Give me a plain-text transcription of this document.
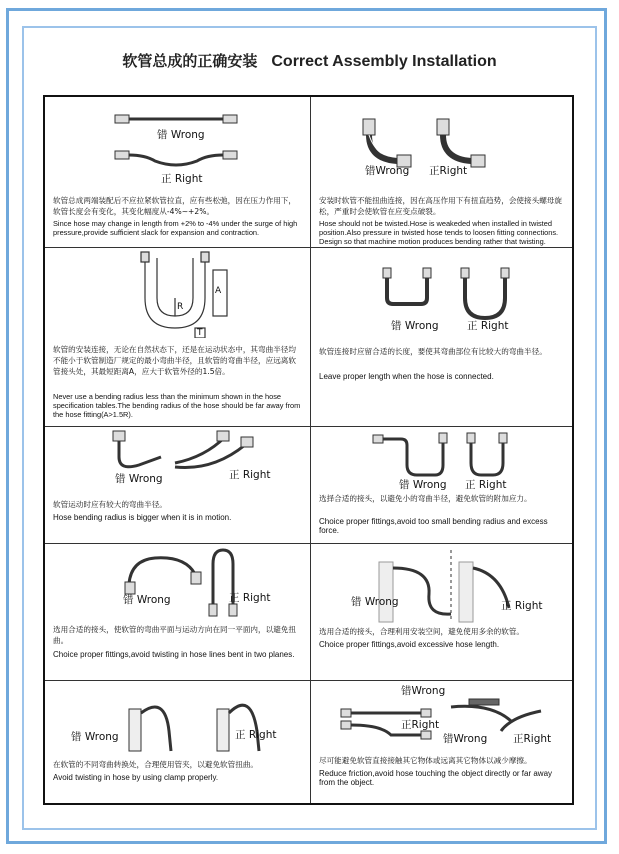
软管总成的正确安装 Correct Assembly Installation
错 Wrong
正 Right
软管总成两端装配后不应拉紧软管拉直，应有些松弛，因在压力作用下，软管长度会有变化，其变化幅度从-4%~+2%。
Since hose may change in length from +2% to -4% under the surge of high pressure,provide sufficient slack for expansion and contraction.
错Wrong 正Right
安装时软管不能扭曲连接，因在高压作用下有扭直趋势，会使接头螺母旋松，严重时会使软管在应变点破裂。
Hose should not be twisted.Hose is weakeded when installed in twisted position.Also pressure in twisted hose tends to loosen fitting connections. Design so that machine motion produces bending rather that twisting.
A
R
T
软管的安装连接，无论在自然状态下，还是在运动状态中，其弯曲半径均不能小于软管制造厂规定的最小弯曲半径，且软管的弯曲半径，应远离软管接头处，其最短距离A，应大于软管外径的1.5倍。
Never use a bending radius less than the minimum shown in the hose specification tables.The bending radius of the hose should be far away from the hose fitting(A>1.5R).
错 Wrong	正 Right
软管连接时应留合适的长度，要使其弯曲部位有比较大的弯曲半径。
Leave proper length when the hose is connected.
错 Wrong	正 Right
软管运动时应有较大的弯曲半径。
Hose bending radius is bigger when it is in motion.
错 Wrong 正 Right
选择合适的接头，以避免小的弯曲半径，避免软管的附加应力。
Choice proper fittings,avoid too small bending radius and excess force.
错 Wrong	正 Right
选用合适的接头，使软管的弯曲平面与运动方向在同一平面内，以避免扭曲。
Choice proper fittings,avoid twisting in hose lines bent in two planes.
错 Wrong	正 Right
选用合适的接头，合理利用安装空间，避免使用多余的软管。
Choice proper fittings,avoid excessive hose length.
错 Wrong	正 Right
在软管的不同弯曲转换处，合理使用管夹，以避免软管扭曲。
Avoid twisting in hose by using clamp properly.
错Wrong
正Right
错Wrong 正Right
尽可能避免软管直接接触其它物体或远离其它物体以减少摩擦。
Reduce friction,avoid hose touching the object directly or far away from the object.
